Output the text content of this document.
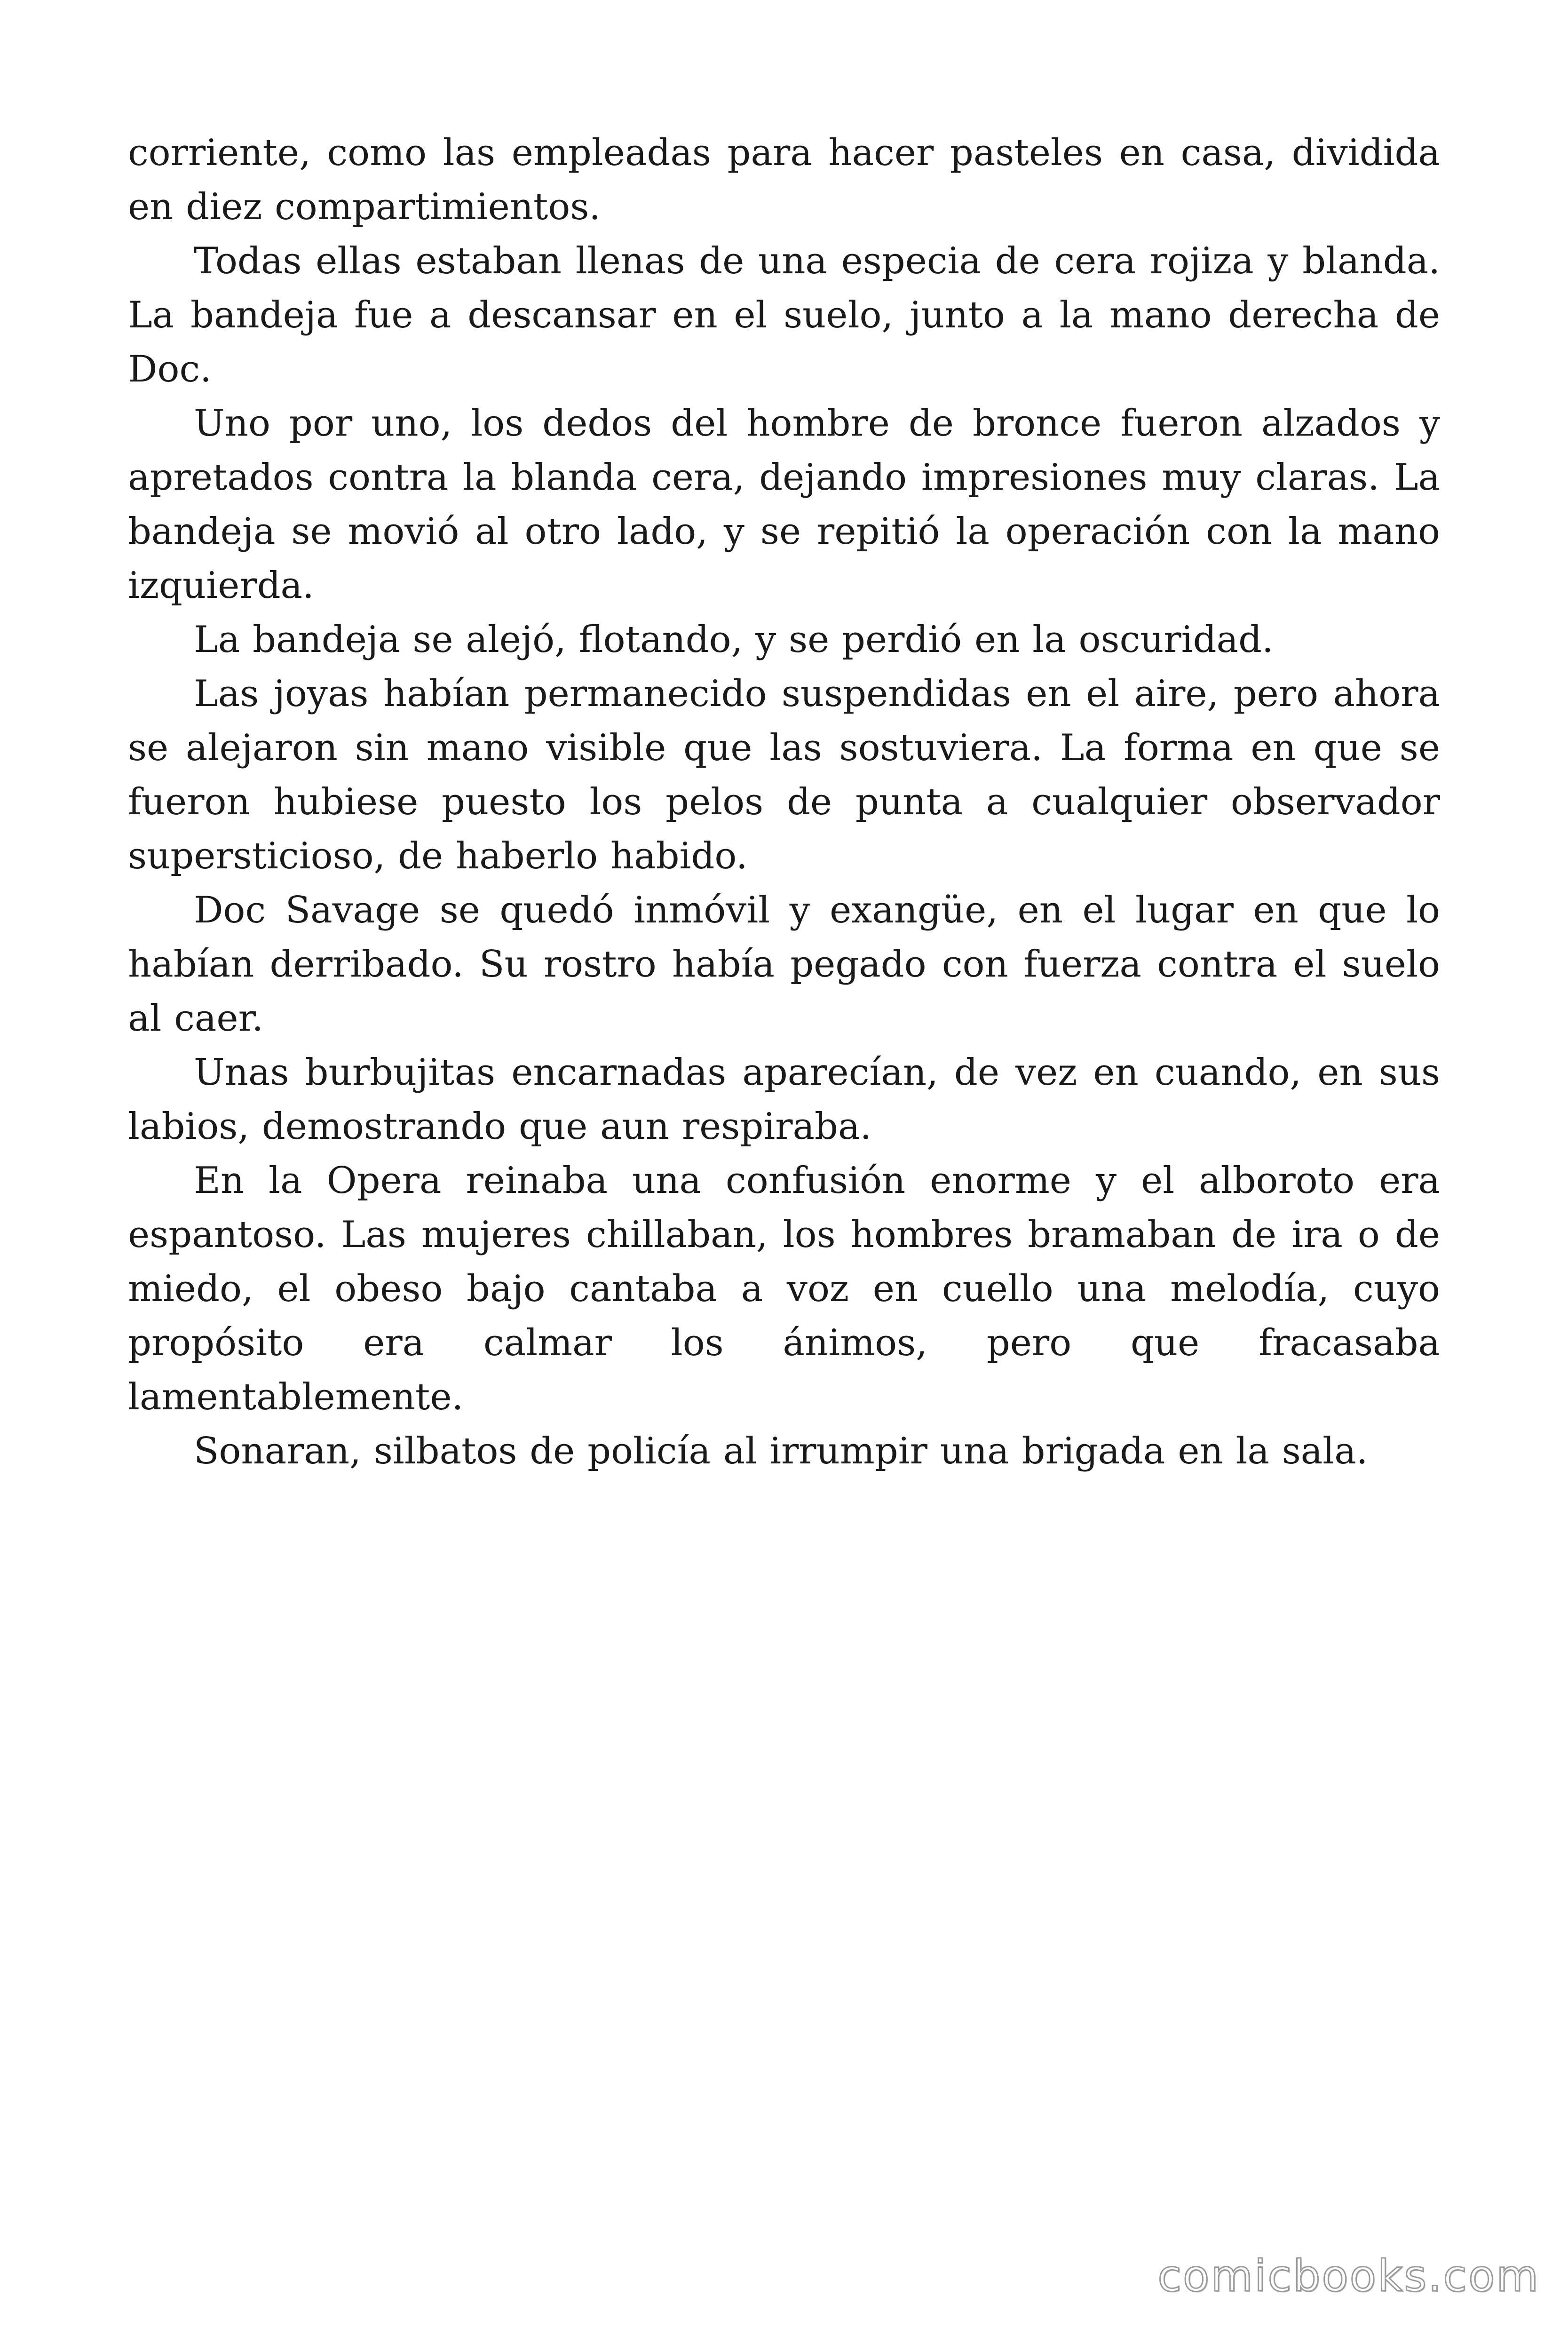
corriente, como las empleadas para hacer pasteles en casa, dividida en diez compartimientos.

Todas ellas estaban llenas de una especia de cera rojiza y blanda. La bandeja fue a descansar en el suelo, junto a la mano derecha de Doc.

Uno por uno, los dedos del hombre de bronce fueron alzados y apretados contra la blanda cera, dejando impresiones muy claras. La bandeja se movió al otro lado, y se repitió la operación con la mano izquierda.

La bandeja se alejó, flotando, y se perdió en la oscuridad.

Las joyas habían permanecido suspendidas en el aire, pero ahora se alejaron sin mano visible que las sostuviera. La forma en que se fueron hubiese puesto los pelos de punta a cualquier observador supersticioso, de haberlo habido.

Doc Savage se quedó inmóvil y exangüe, en el lugar en que lo habían derribado. Su rostro había pegado con fuerza contra el suelo al caer.

Unas burbujitas encarnadas aparecían, de vez en cuando, en sus labios, demostrando que aun respiraba.

En la Opera reinaba una confusión enorme y el alboroto era espantoso. Las mujeres chillaban, los hombres bramaban de ira o de miedo, el obeso bajo cantaba a voz en cuello una melodía, cuyo propósito era calmar los ánimos, pero que fracasaba lamentablemente.

Sonaran, silbatos de policía al irrumpir una brigada en la sala.

comicbooks.com
